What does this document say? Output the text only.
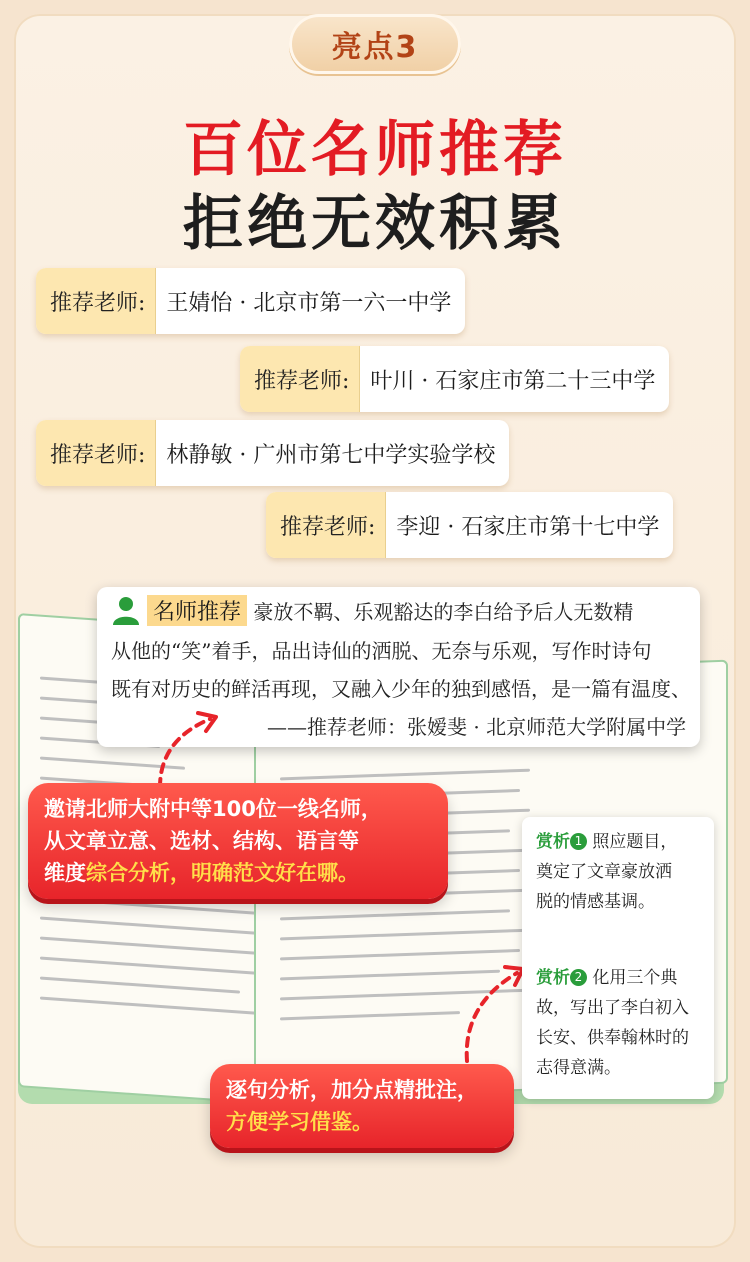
亮点3
百位名师推荐
拒绝无效积累
推荐老师: 王婧怡 · 北京市第一六一中学
推荐老师: 叶川 · 石家庄市第二十三中学
推荐老师: 林静敏 · 广州市第七中学实验学校
推荐老师: 李迎 · 石家庄市第十七中学
名师推荐 豪放不羁、乐观豁达的李白给予后人无数精
从他的“笑”着手，品出诗仙的洒脱、无奈与乐观，写作时诗句
既有对历史的鲜活再现，又融入少年的独到感悟，是一篇有温度、
——推荐老师：张嫒斐 · 北京师范大学附属中学
邀请北师大附中等100位一线名师，
从文章立意、选材、结构、语言等
维度综合分析，明确范文好在哪。
逐句分析，加分点精批注，
方便学习借鉴。
赏析 1 照应题目，
奠定了文章豪放洒
脱的情感基调。
赏析 2 化用三个典
故，写出了李白初入
长安、供奉翰林时的
志得意满。
